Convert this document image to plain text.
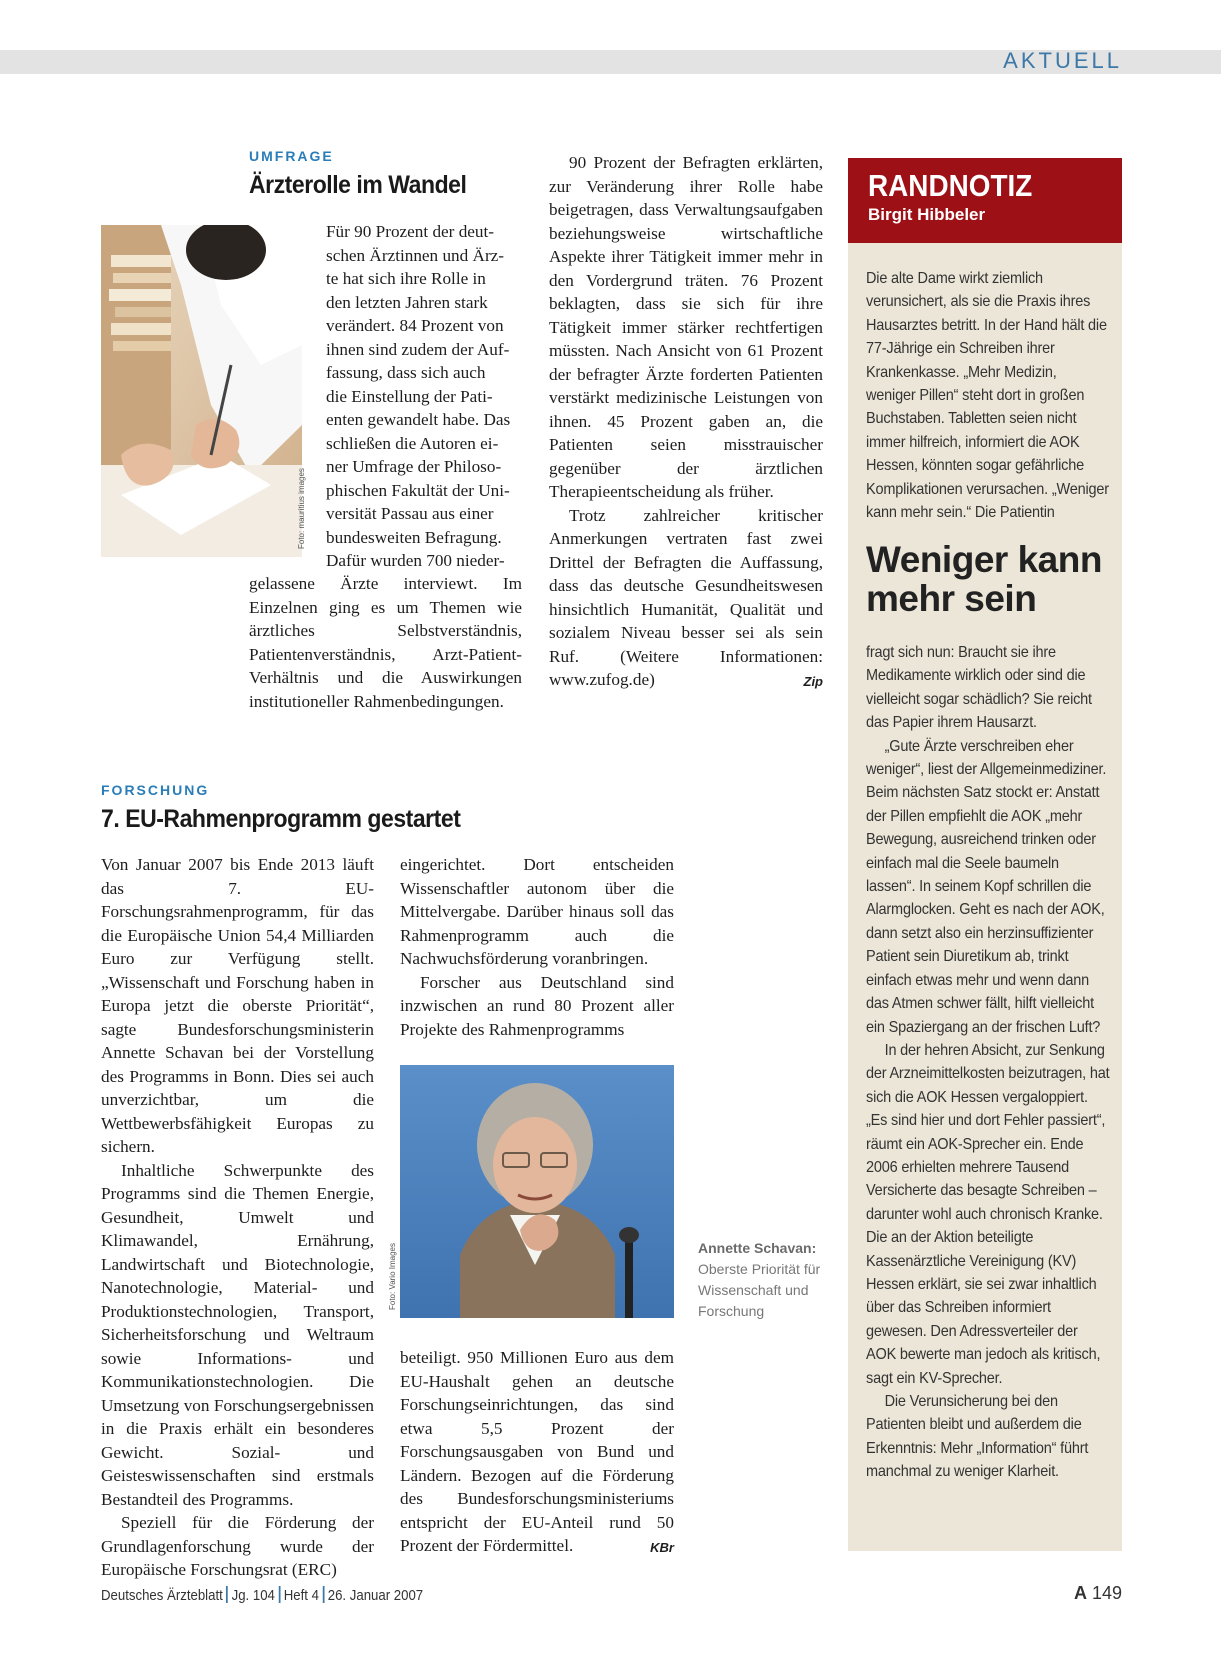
AKTUELL
UMFRAGE
Ärzterolle im Wandel
Foto: mauritius images
Für 90 Prozent der deut-
schen Ärztinnen und Ärz-
te hat sich ihre Rolle in
den letzten Jahren stark
verändert. 84 Prozent von
ihnen sind zudem der Auf-
fassung, dass sich auch
die Einstellung der Pati-
enten gewandelt habe. Das
schließen die Autoren ei-
ner Umfrage der Philoso-
phischen Fakultät der Uni-
versität Passau aus einer
bundesweiten Befragung.
Dafür wurden 700 nieder-
gelassene Ärzte interviewt. Im Einzelnen ging es um Themen wie ärztliches Selbstverständnis, Patientenverständnis, Arzt-Patient-Verhältnis und die Auswirkungen institutioneller Rahmenbedingungen.

90 Prozent der Befragten erklärten, zur Veränderung ihrer Rolle habe beigetragen, dass Verwaltungsaufgaben beziehungsweise wirtschaftliche Aspekte ihrer Tätigkeit immer mehr in den Vordergrund träten. 76 Prozent beklagten, dass sie sich für ihre Tätigkeit immer stärker rechtfertigen müssten. Nach Ansicht von 61 Prozent der befragter Ärzte forderten Patienten verstärkt medizinische Leistungen von ihnen. 45 Prozent gaben an, die Patienten seien misstrauischer gegenüber der ärztlichen Therapieentscheidung als früher.

Trotz zahlreicher kritischer Anmerkungen vertraten fast zwei Drittel der Befragten die Auffassung, dass das deutsche Gesundheitswesen hinsichtlich Humanität, Qualität und sozialem Niveau besser sei als sein Ruf. (Weitere Informationen: www.zufog.de)	Zip
FORSCHUNG
7. EU-Rahmenprogramm gestartet

Von Januar 2007 bis Ende 2013 läuft das 7. EU-Forschungsrahmenprogramm, für das die Europäische Union 54,4 Milliarden Euro zur Verfügung stellt. „Wissenschaft und Forschung haben in Europa jetzt die oberste Priorität“, sagte Bundesforschungsministerin Annette Schavan bei der Vorstellung des Programms in Bonn. Dies sei auch unverzichtbar, um die Wettbewerbsfähigkeit Europas zu sichern.

Inhaltliche Schwerpunkte des Programms sind die Themen Energie, Gesundheit, Umwelt und Klimawandel, Ernährung, Landwirtschaft und Biotechnologie, Nanotechnologie, Material- und Produktionstechnologien, Transport, Sicherheitsforschung und Weltraum sowie Informations- und Kommunikationstechnologien. Die Umsetzung von Forschungsergebnissen in die Praxis erhält ein besonderes Gewicht. Sozial- und Geisteswissenschaften sind erstmals Bestandteil des Programms.

Speziell für die Förderung der Grundlagenforschung wurde der Europäische Forschungsrat (ERC)

eingerichtet. Dort entscheiden Wissenschaftler autonom über die Mittelvergabe. Darüber hinaus soll das Rahmenprogramm auch die Nachwuchsförderung voranbringen.

Forscher aus Deutschland sind inzwischen an rund 80 Prozent aller Projekte des Rahmenprogramms

Foto: Vario Images

beteiligt. 950 Millionen Euro aus dem EU-Haushalt gehen an deutsche Forschungseinrichtungen, das sind etwa 5,5 Prozent der Forschungsausgaben von Bund und Ländern. Bezogen auf die Förderung des Bundesforschungsministeriums entspricht der EU-Anteil rund 50 Prozent der Fördermittel.	KBr
Annette Schavan:
Oberste Priorität für
Wissenschaft und
Forschung
RANDNOTIZ
Birgit Hibbeler
Die alte Dame wirkt ziemlich verunsichert, als sie die Praxis ihres Hausarztes betritt. In der Hand hält die 77-Jährige ein Schreiben ihrer Krankenkasse. „Mehr Medizin, weniger Pillen“ steht dort in großen Buchstaben. Tabletten seien nicht immer hilfreich, informiert die AOK Hessen, könnten sogar gefährliche Komplikationen verursachen. „Weniger kann mehr sein.“ Die Patientin
Weniger kann mehr sein

fragt sich nun: Braucht sie ihre Medikamente wirklich oder sind die vielleicht sogar schädlich? Sie reicht das Papier ihrem Hausarzt.

„Gute Ärzte verschreiben eher weniger“, liest der Allgemeinmediziner. Beim nächsten Satz stockt er: Anstatt der Pillen empfiehlt die AOK „mehr Bewegung, ausreichend trinken oder einfach mal die Seele baumeln lassen“. In seinem Kopf schrillen die Alarmglocken. Geht es nach der AOK, dann setzt also ein herzinsuffizienter Patient sein Diuretikum ab, trinkt einfach etwas mehr und wenn dann das Atmen schwer fällt, hilft vielleicht ein Spaziergang an der frischen Luft?

In der hehren Absicht, zur Senkung der Arzneimittelkosten beizutragen, hat sich die AOK Hessen vergaloppiert. „Es sind hier und dort Fehler passiert“, räumt ein AOK-Sprecher ein. Ende 2006 erhielten mehrere Tausend Versicherte das besagte Schreiben – darunter wohl auch chronisch Kranke. Die an der Aktion beteiligte Kassenärztliche Vereinigung (KV) Hessen erklärt, sie sei zwar inhaltlich über das Schreiben informiert gewesen. Den Adressverteiler der AOK bewerte man jedoch als kritisch, sagt ein KV-Sprecher.

Die Verunsicherung bei den Patienten bleibt und außerdem die Erkenntnis: Mehr „Information“ führt manchmal zu weniger Klarheit.

Deutsches Ärzteblatt Jg. 104 Heft 4 26. Januar 2007	A 149
